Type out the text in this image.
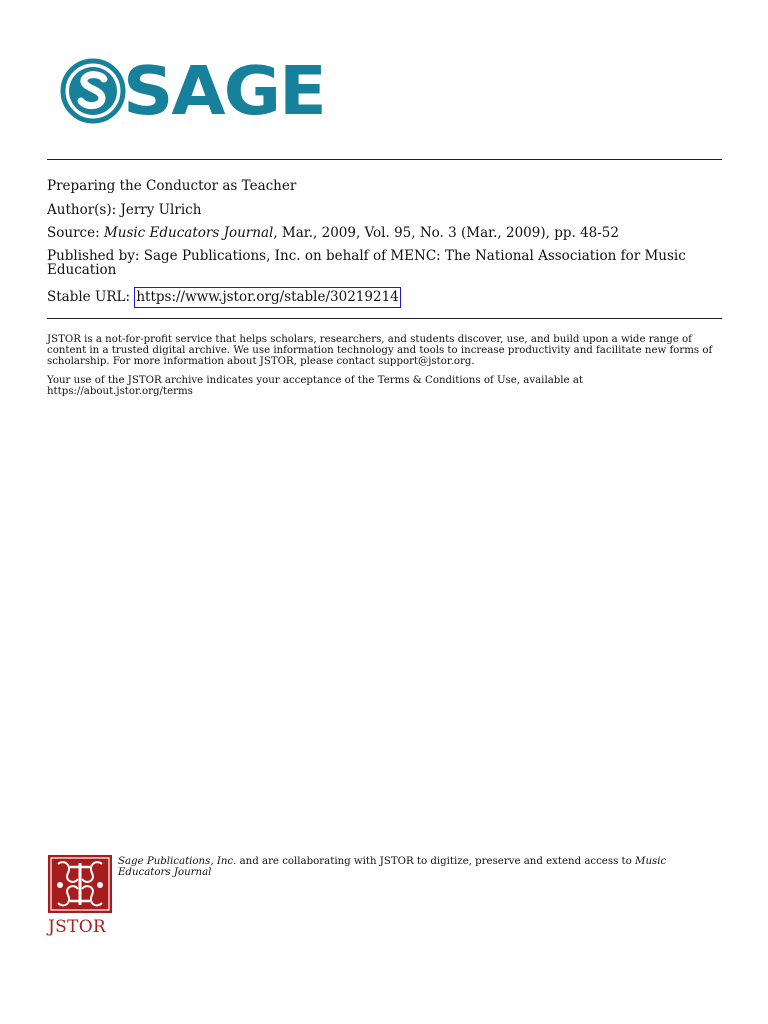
SAGE
Preparing the Conductor as Teacher
Author(s): Jerry Ulrich
Source: Music Educators Journal, Mar., 2009, Vol. 95, No. 3 (Mar., 2009), pp. 48-52
Published by: Sage Publications, Inc. on behalf of MENC: The National Association for Music Education
Stable URL: https://www.jstor.org/stable/30219214
JSTOR is a not-for-profit service that helps scholars, researchers, and students discover, use, and build upon a wide range of content in a trusted digital archive. We use information technology and tools to increase productivity and facilitate new forms of scholarship. For more information about JSTOR, please contact support@jstor.org.
Your use of the JSTOR archive indicates your acceptance of the Terms & Conditions of Use, available at https://about.jstor.org/terms
JSTOR
Sage Publications, Inc. and are collaborating with JSTOR to digitize, preserve and extend access to Music Educators Journal
